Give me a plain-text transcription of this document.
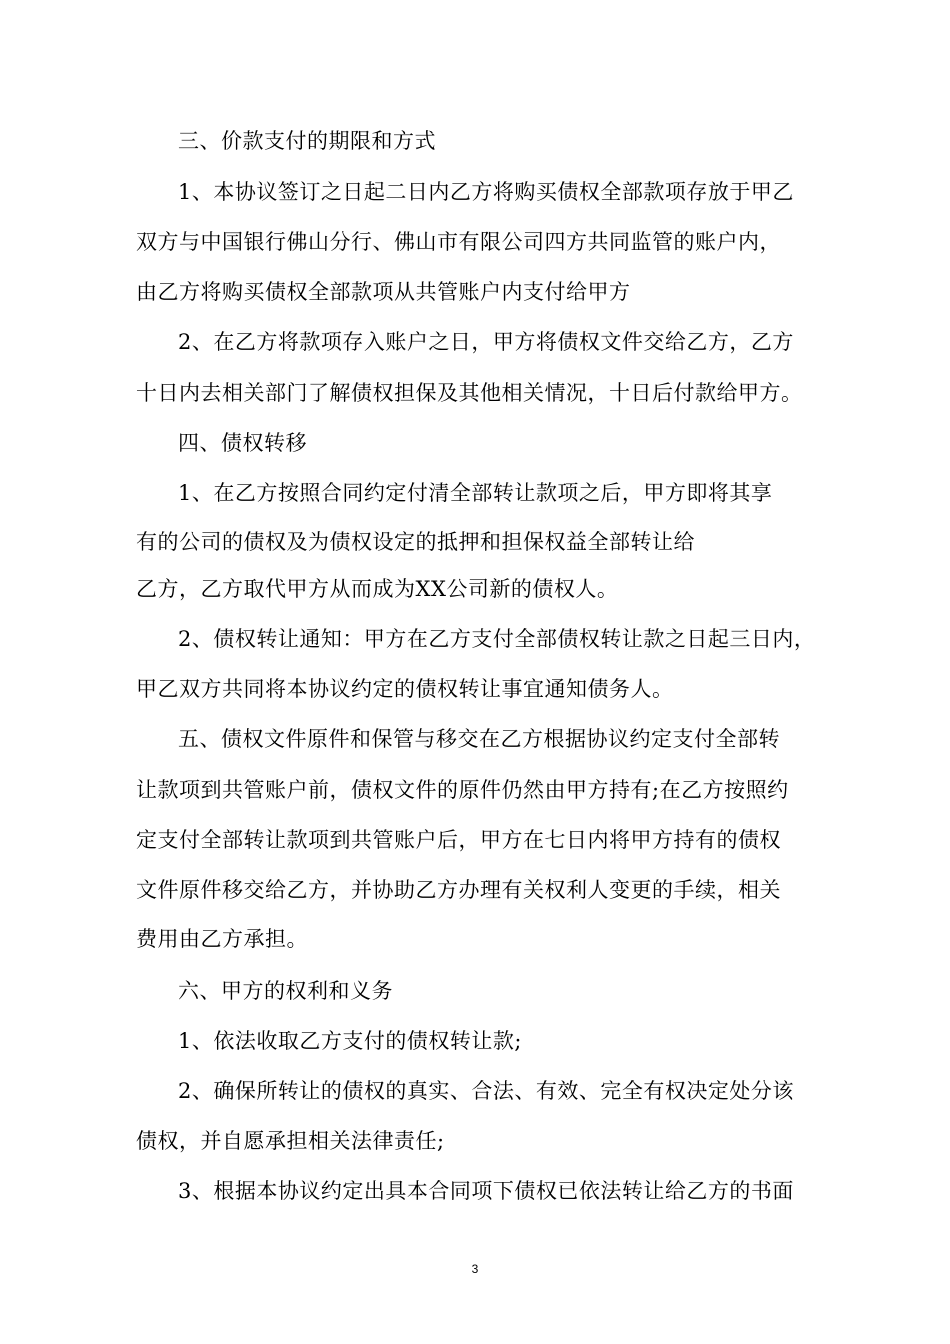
三、价款支付的期限和方式
1、本协议签订之日起二日内乙方将购买债权全部款项存放于甲乙
双方与中国银行佛山分行、佛山市有限公司四方共同监管的账户内，
由乙方将购买债权全部款项从共管账户内支付给甲方
2、在乙方将款项存入账户之日，甲方将债权文件交给乙方，乙方
十日内去相关部门了解债权担保及其他相关情况，十日后付款给甲方。
四、债权转移
1、在乙方按照合同约定付清全部转让款项之后，甲方即将其享
有的公司的债权及为债权设定的抵押和担保权益全部转让给
乙方，乙方取代甲方从而成为XX公司新的债权人。
2、债权转让通知：甲方在乙方支付全部债权转让款之日起三日内，
甲乙双方共同将本协议约定的债权转让事宜通知债务人。
五、债权文件原件和保管与移交在乙方根据协议约定支付全部转
让款项到共管账户前，债权文件的原件仍然由甲方持有;在乙方按照约
定支付全部转让款项到共管账户后，甲方在七日内将甲方持有的债权
文件原件移交给乙方，并协助乙方办理有关权利人变更的手续，相关
费用由乙方承担。
六、甲方的权利和义务
1、依法收取乙方支付的债权转让款;
2、确保所转让的债权的真实、合法、有效、完全有权决定处分该
债权，并自愿承担相关法律责任;
3、根据本协议约定出具本合同项下债权已依法转让给乙方的书面
3
